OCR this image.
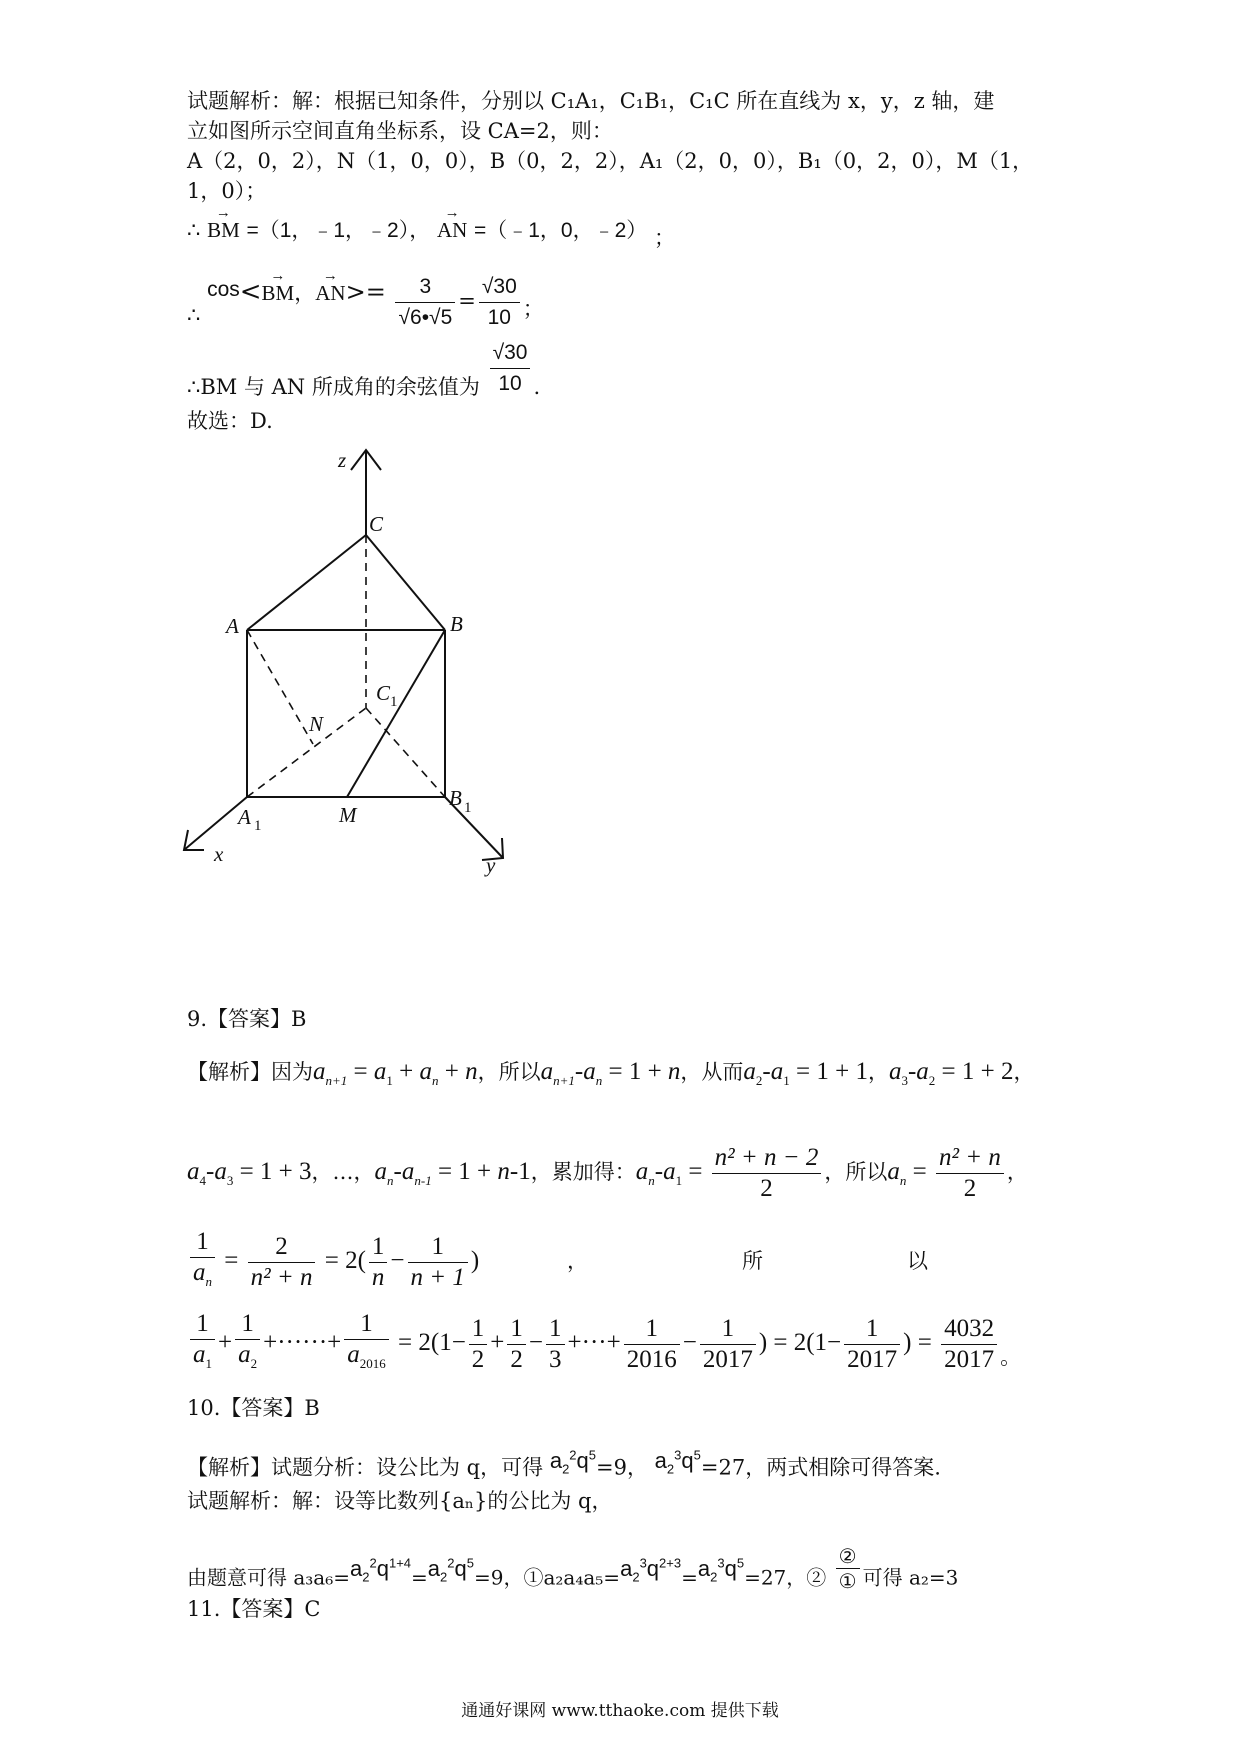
试题解析：解：根据已知条件，分别以 C₁A₁，C₁B₁，C₁C 所在直线为 x，y，z 轴，建
立如图所示空间直角坐标系，设 CA=2，则：
A（2，0，2），N（1，0，0），B（0，2，2），A₁（2，0，0），B₁（0，2，0），M（1，
1，0）；
∴ → BM =（1，﹣1，﹣2）， → AN =（﹣1，0，﹣2） ；
∴ cos<→ BM，→ $AN>= \frac{3}{√6•√5} = \frac{√30}{10}$ ；
∴BM 与 AN 所成角的余弦值为 $\frac{√30}{10}$ .
故选：D.
z
C
A	B
C 1
N
A 1	M
B 1
x	y
9.【答案】B
【解析】因为$a_{n+1} = a_1 + a_n + n$，所以$a_{n+1}-a_n = 1 + n$，从而$a_2-a_1 = 1 + 1$，$a_3-a_2 = 1 + 2$，
$a_4-a_3 = 1 + 3$，…，$a_n-a_{n-1} = 1 + n-1$，累加得：$a_n-a_1 = \frac{\text{n² + n − 2}}{2}$ ，所以$a_n = \frac{\text{n² + n}}{2}$ ，
$\frac{1}{a_n} = \frac{2}{\text{n² + n}} = 2( \frac{1}{n} - \frac{1}{n + 1}$ )	，	所	以
$\frac{1}{a_1} + \frac{1}{a_2}$ +······+ $\frac{1}{a_{2016}} = 2(1- \frac{1}{2} + \frac{1}{2} - \frac{1}{3}$ +···+ $\frac{1}{2016} - \frac{1}{2017}$ ) = $2(1- \frac{1}{2017}$ ) = $\frac{4032}{2017} _。$
10.【答案】B
【解析】试题分析：设公比为 q，可得 $a_2^2q^5=9$， $a_2^3q^5=27$，两式相除可得答案.
试题解析：解：设等比数列{aₙ}的公比为 q，
由题意可得 $a_3a_6=a_2^2q^{1+4}=a_2^2q^5=9$，$①a_2a_4a_5=a_2^3q^{2+3}=a_2^3q^5=27$，② $\frac{\text{②}}{\text{①}}$ 可得 a₂=3
11.【答案】C
通通好课网 www.tthaoke.com 提供下载
